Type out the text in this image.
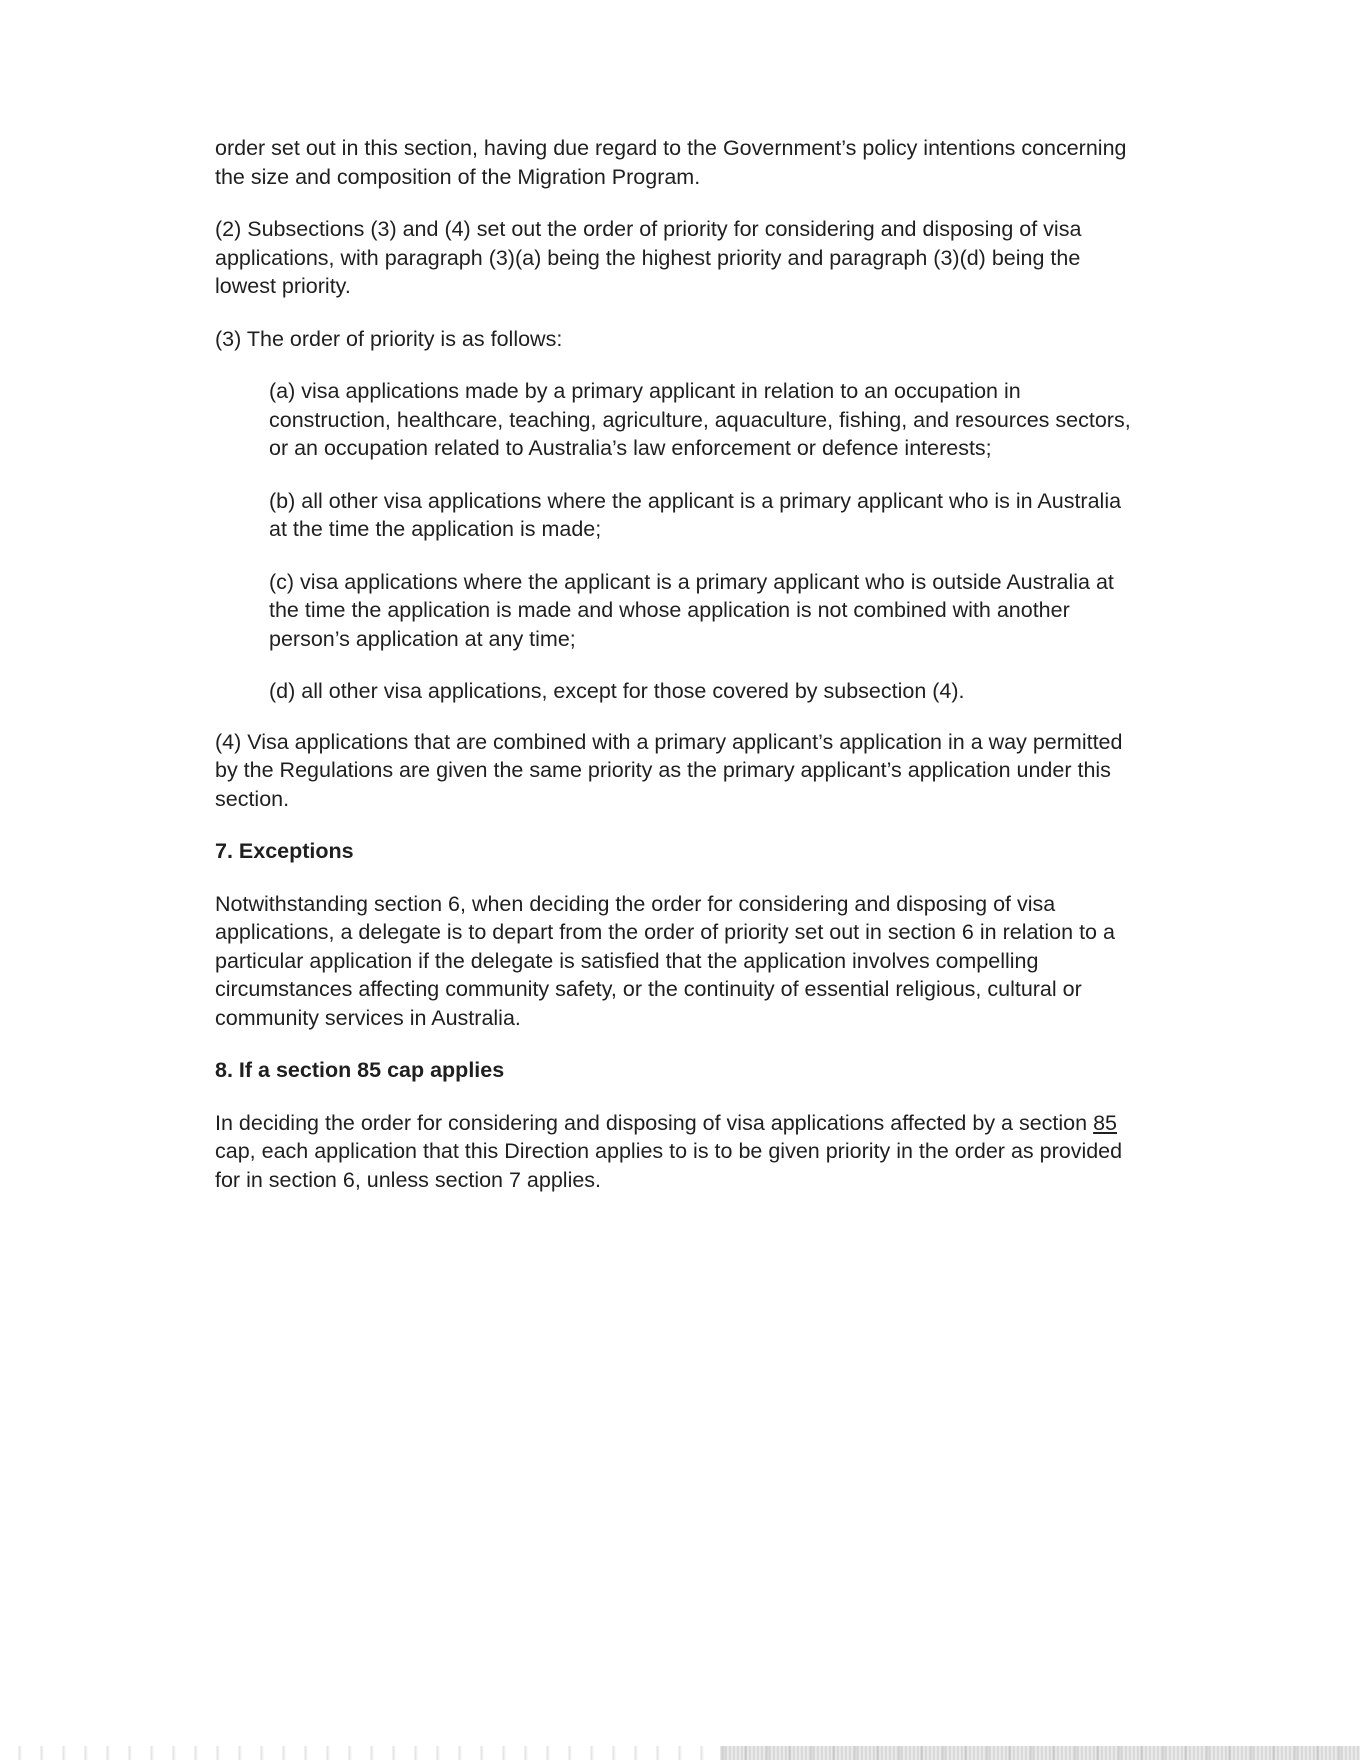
order set out in this section, having due regard to the Government’s policy intentions concerning the size and composition of the Migration Program.

(2) Subsections (3) and (4) set out the order of priority for considering and disposing of visa applications, with paragraph (3)(a) being the highest priority and paragraph (3)(d) being the lowest priority.

(3) The order of priority is as follows:

(a) visa applications made by a primary applicant in relation to an occupation in construction, healthcare, teaching, agriculture, aquaculture, fishing, and resources sectors, or an occupation related to Australia’s law enforcement or defence interests;

(b) all other visa applications where the applicant is a primary applicant who is in Australia at the time the application is made;

(c) visa applications where the applicant is a primary applicant who is outside Australia at the time the application is made and whose application is not combined with another person’s application at any time;

(d) all other visa applications, except for those covered by subsection (4).

(4) Visa applications that are combined with a primary applicant’s application in a way permitted by the Regulations are given the same priority as the primary applicant’s application under this section.

7. Exceptions

Notwithstanding section 6, when deciding the order for considering and disposing of visa applications, a delegate is to depart from the order of priority set out in section 6 in relation to a particular application if the delegate is satisfied that the application involves compelling circumstances affecting community safety, or the continuity of essential religious, cultural or community services in Australia.

8. If a section 85 cap applies

In deciding the order for considering and disposing of visa applications affected by a section 85 cap, each application that this Direction applies to is to be given priority in the order as provided for in section 6, unless section 7 applies.
